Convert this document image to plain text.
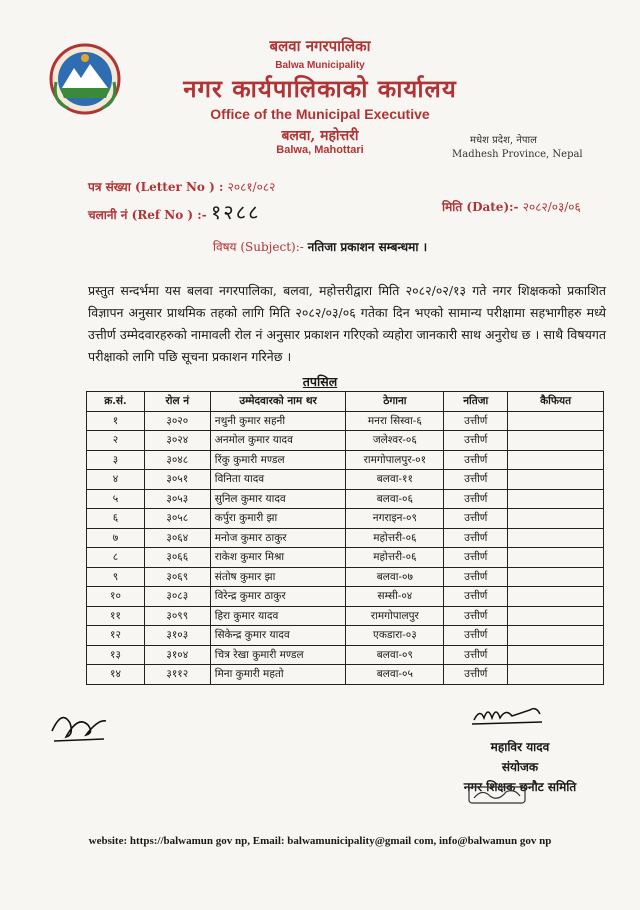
बलवा नगरपालिका
Balwa Municipality
नगर कार्यपालिकाको कार्यालय
Office of the Municipal Executive
बलवा, महोत्तरी
Balwa, Mahottari
मधेश प्रदेश, नेपाल
Madhesh Province, Nepal
पत्र संख्या (Letter No ) : २०८१/०८२
चलानी नं (Ref No ) :- १२८८	मिति (Date):- २०८२/०३/०६
विषय (Subject):- नतिजा प्रकाशन सम्बन्धमा ।
प्रस्तुत सन्दर्भमा यस बलवा नगरपालिका, बलवा, महोत्तरीद्वारा मिति २०८२/०२/१३ गते नगर शिक्षकको प्रकाशित विज्ञापन अनुसार प्राथमिक तहको लागि मिति २०८२/०३/०६ गतेका दिन भएको सामान्य परीक्षामा सहभागीहरु मध्ये उत्तीर्ण उम्मेदवारहरुको नामावली रोल नं अनुसार प्रकाशन गरिएको व्यहोरा जानकारी साथ अनुरोध छ । साथै विषयगत परीक्षाको लागि पछि सूचना प्रकाशन गरिनेछ ।
तपसिल
क्र.सं.	रोल नं	उम्मेदवारको नाम थर	ठेगाना	नतिजा	कैफियत
१	३०२०	नथुनी कुमार सहनी	मनरा सिस्वा-६	उत्तीर्ण	
२	३०२४	अनमोल कुमार यादव	जलेश्वर-०६	उत्तीर्ण	
३	३०४८	रिंकु कुमारी मण्डल	रामगोपालपुर-०१	उत्तीर्ण	
४	३०५१	विनिता यादव	बलवा-११	उत्तीर्ण	
५	३०५३	सुनिल कुमार यादव	बलवा-०६	उत्तीर्ण	
६	३०५८	कर्पुरा कुमारी झा	नगराइन-०९	उत्तीर्ण	
७	३०६४	मनोज कुमार ठाकुर	महोत्तरी-०६	उत्तीर्ण	
८	३०६६	राकेश कुमार मिश्रा	महोत्तरी-०६	उत्तीर्ण	
९	३०६९	संतोष कुमार झा	बलवा-०७	उत्तीर्ण	
१०	३०८३	विरेन्द्र कुमार ठाकुर	सम्सी-०४	उत्तीर्ण	
११	३०९९	हिरा कुमार यादव	रामगोपालपुर	उत्तीर्ण	
१२	३१०३	सिकेन्द्र कुमार यादव	एकडारा-०३	उत्तीर्ण	
१३	३१०४	चित्र रेखा कुमारी मण्डल	बलवा-०९	उत्तीर्ण	
१४	३११२	मिना कुमारी महतो	बलवा-०५	उत्तीर्ण	
महाविर यादव
संयोजक
नगर शिक्षक छनौट समिति
website: https://balwamun gov np, Email: balwamunicipality@gmail com, info@balwamun gov np
